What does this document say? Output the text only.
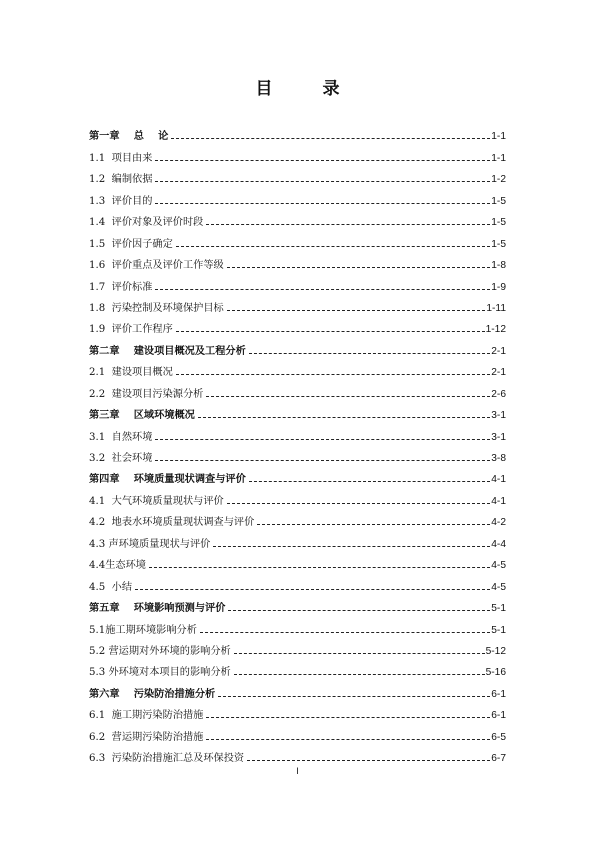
目 录
第一章    总    论	1-1
1.1  项目由来	1-1
1.2  编制依据	1-2
1.3  评价目的	1-5
1.4  评价对象及评价时段	1-5
1.5  评价因子确定	1-5
1.6  评价重点及评价工作等级	1-8
1.7  评价标准	1-9
1.8  污染控制及环境保护目标	1-11
1.9  评价工作程序	1-12
第二章    建设项目概况及工程分析	2-1
2.1  建设项目概况	2-1
2.2  建设项目污染源分析	2-6
第三章    区域环境概况	3-1
3.1  自然环境	3-1
3.2  社会环境	3-8
第四章    环境质量现状调查与评价	4-1
4.1  大气环境质量现状与评价	4-1
4.2  地表水环境质量现状调查与评价	4-2
4.3 声环境质量现状与评价	4-4
4.4生态环境	4-5
4.5  小结	4-5
第五章    环境影响预测与评价	5-1
5.1施工期环境影响分析	5-1
5.2 营运期对外环境的影响分析	5-12
5.3 外环境对本项目的影响分析	5-16
第六章    污染防治措施分析	6-1
6.1  施工期污染防治措施	6-1
6.2  营运期污染防治措施	6-5
6.3  污染防治措施汇总及环保投资	6-7
I
